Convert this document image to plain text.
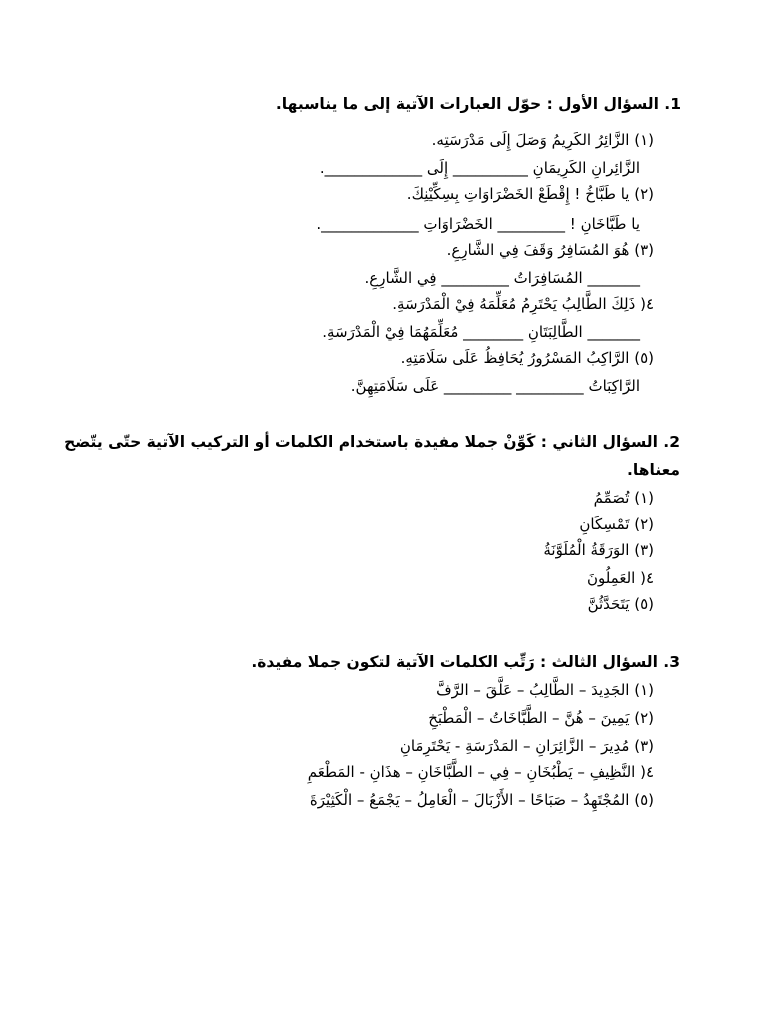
1. السؤال الأول : حوّل العبارات الآتية إلى ما يناسبها.
(١) الزَّائِرُ الكَرِيمُ وَصَلَ إِلَى مَدْرَسَتِه.
الزَّائِرانِ الكَرِيمَانِ __________ إِلَى _____________.
(٢) يا طَبَّاخُ ! إِقْطَعْ الخَضْرَاوَاتِ بِسِكِّيْنِكَ.
يا طَبَّاخَانِ ! _________ الخَضْرَاوَاتِ _____________.
(٣) هُوَ المُسَافِرُ وَقَفَ فِي الشَّارِعِ.
_______ المُسَافِرَاتُ _________ فِي الشَّارِعِ.
٤( ذَلِكَ الطَّالِبُ يَحْتَرِمُ مُعَلِّمَهُ فِيْ الْمَدْرَسَةِ.
_______ الطَّالِبَتَانِ ________ مُعَلِّمَهُمَا فِيْ الْمَدْرَسَةِ.
(٥) الرَّاكِبُ المَسْرُورُ يُحَافِظُ عَلَى سَلَامَتِهِ.
الرَّاكِبَاتُ _________ _________ عَلَى سَلَامَتِهِنَّ.
2. السؤال الثاني : كَوِّنْ جملا مفيدة باستخدام الكلمات أو التركيب الآتية حتّى يتّضح
معناها.
(١) تُصَمِّمُ
(٢) تَمْسِكَانِ
(٣) الوَرَقَةُ الْمُلَوَّنَةُ
٤( العَمِلُونَ
(٥) يَتَحَدَّثُنَّ
3. السؤال الثالث : رَتِّب الكلمات الآتية لتكون جملا مفيدة.
(١) الجَدِيدَ – الطَّالِبُ – عَلَّقَ – الرَّفَّ
(٢) يَمِينَ – هُنَّ – الطَّبَّاخَاتُ – الْمَطْبَخِ
(٣) مُدِيرَ – الزَّائِرَانِ – المَدْرَسَةِ - يَحْتَرِمَانِ
٤( النَّظِيفِ – يَطْبُخَانِ – فِي – الطَّبَّاخَانِ – هذَانِ - المَطْعَمِ
(٥) المُجْتَهِدُ – صَبَاحًا – الأَزْبَالَ – الْعَامِلُ – يَجْمَعُ – الْكَثِيْرَةَ
